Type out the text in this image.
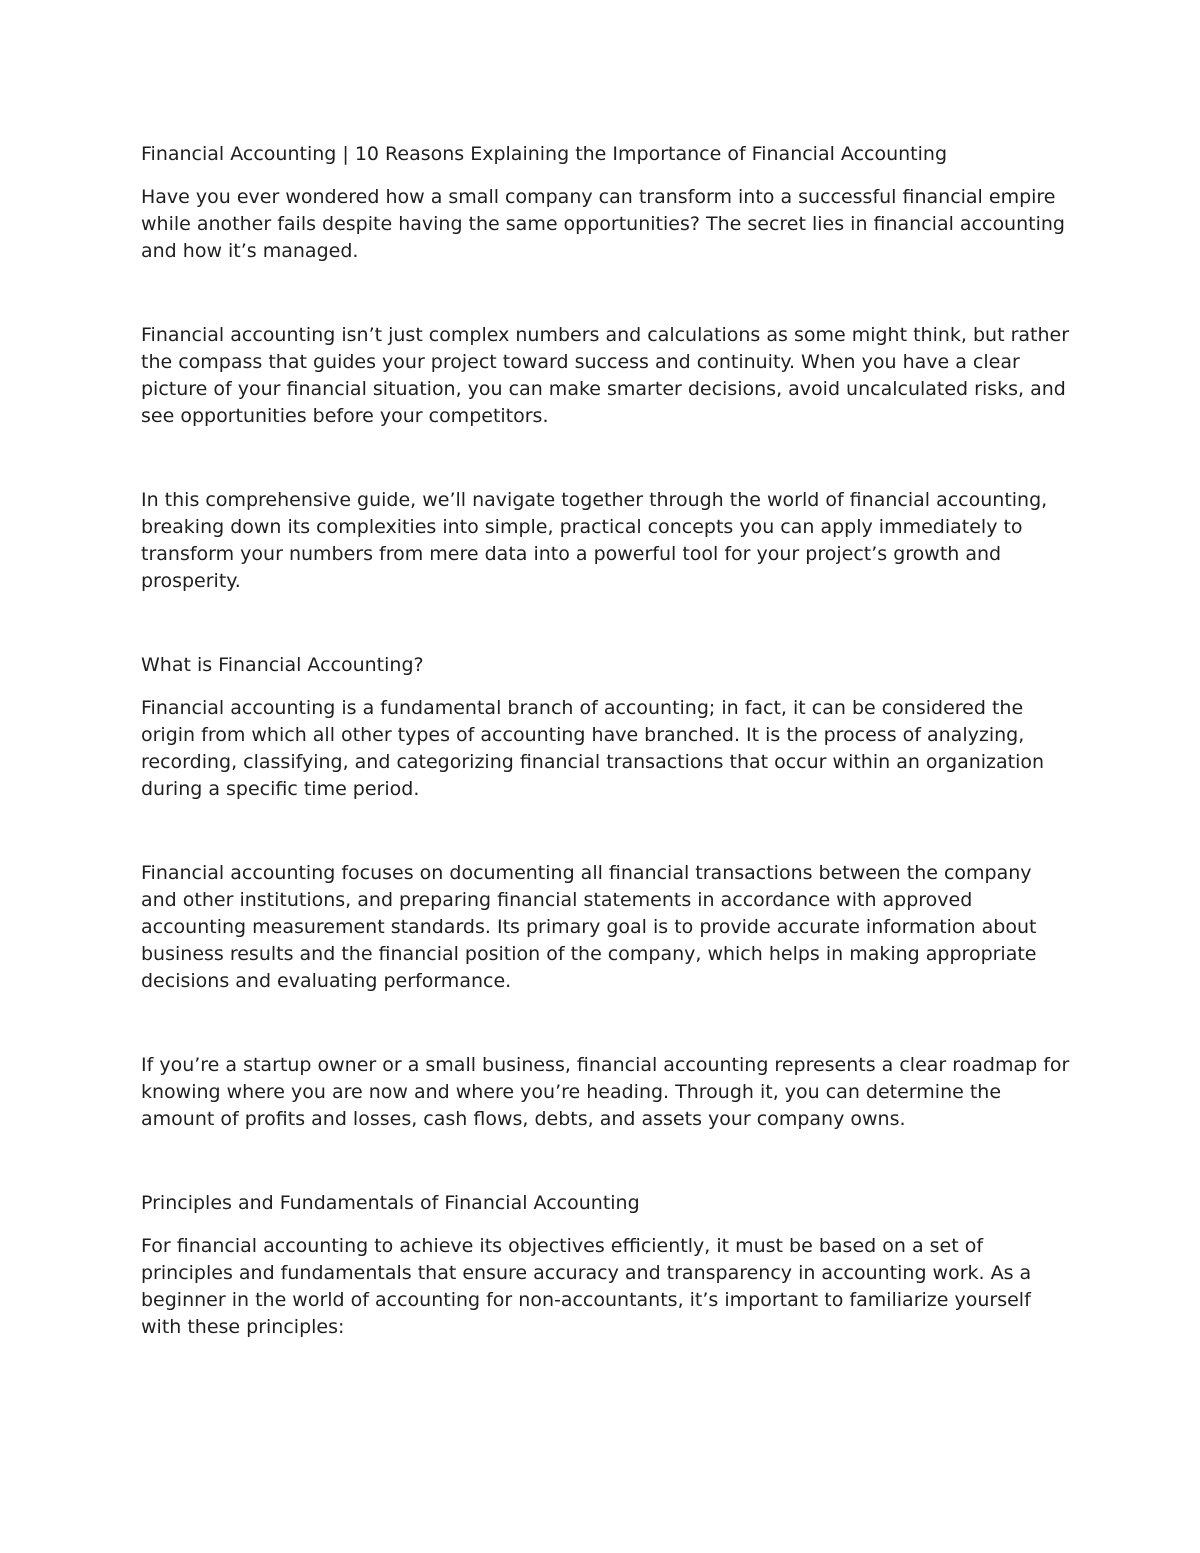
Financial Accounting | 10 Reasons Explaining the Importance of Financial Accounting

Have you ever wondered how a small company can transform into a successful financial empire while another fails despite having the same opportunities? The secret lies in financial accounting and how it’s managed.

Financial accounting isn’t just complex numbers and calculations as some might think, but rather the compass that guides your project toward success and continuity. When you have a clear picture of your financial situation, you can make smarter decisions, avoid uncalculated risks, and see opportunities before your competitors.

In this comprehensive guide, we’ll navigate together through the world of financial accounting, breaking down its complexities into simple, practical concepts you can apply immediately to transform your numbers from mere data into a powerful tool for your project’s growth and prosperity.

What is Financial Accounting?

Financial accounting is a fundamental branch of accounting; in fact, it can be considered the origin from which all other types of accounting have branched. It is the process of analyzing, recording, classifying, and categorizing financial transactions that occur within an organization during a specific time period.

Financial accounting focuses on documenting all financial transactions between the company and other institutions, and preparing financial statements in accordance with approved accounting measurement standards. Its primary goal is to provide accurate information about business results and the financial position of the company, which helps in making appropriate decisions and evaluating performance.

If you’re a startup owner or a small business, financial accounting represents a clear roadmap for knowing where you are now and where you’re heading. Through it, you can determine the amount of profits and losses, cash flows, debts, and assets your company owns.

Principles and Fundamentals of Financial Accounting

For financial accounting to achieve its objectives efficiently, it must be based on a set of principles and fundamentals that ensure accuracy and transparency in accounting work. As a beginner in the world of accounting for non-accountants, it’s important to familiarize yourself with these principles:
